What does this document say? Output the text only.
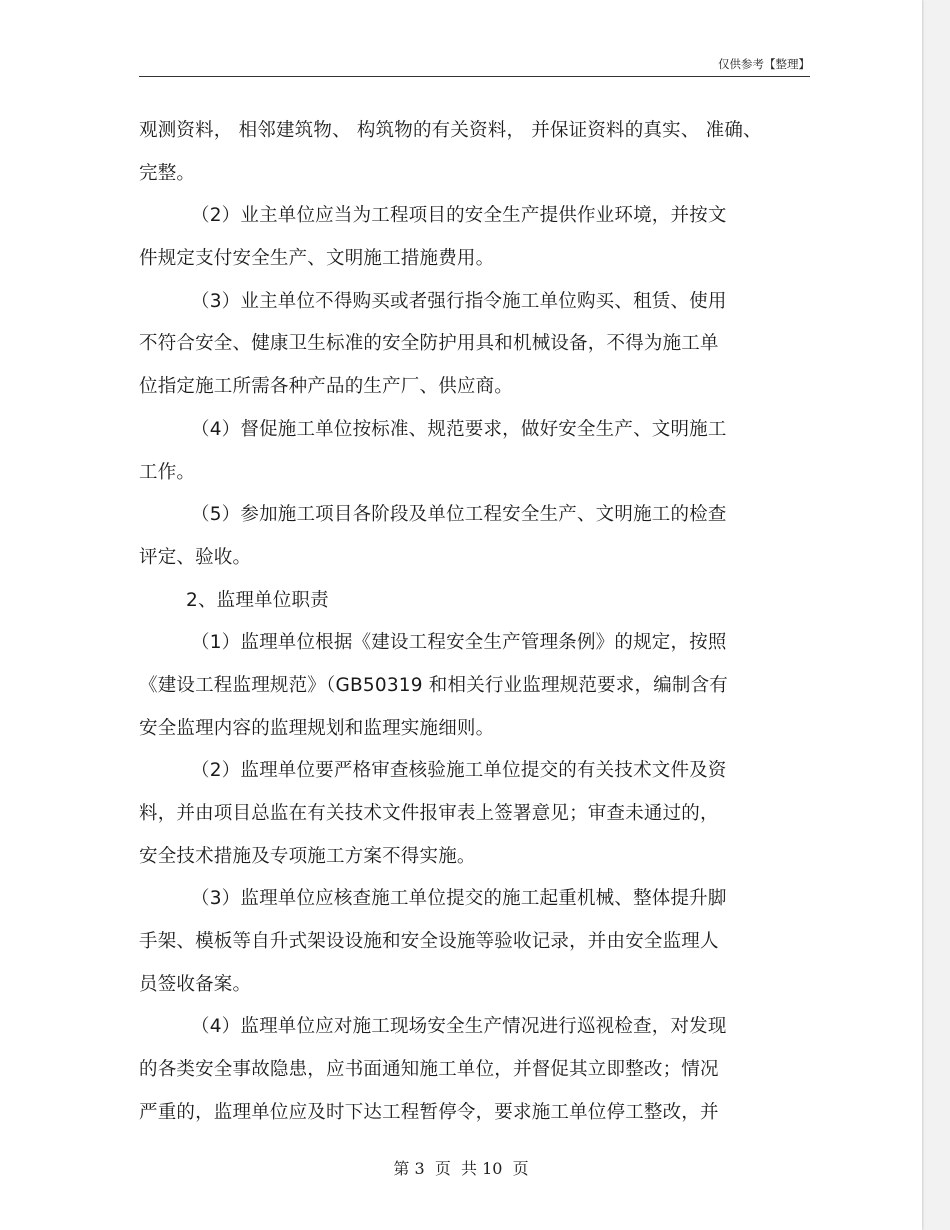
仅供参考【整理】
观测资料， 相邻建筑物、 构筑物的有关资料， 并保证资料的真实、 准确、
完整。
（2）业主单位应当为工程项目的安全生产提供作业环境，并按文
件规定支付安全生产、文明施工措施费用。
（3）业主单位不得购买或者强行指令施工单位购买、租赁、使用
不符合安全、健康卫生标准的安全防护用具和机械设备，不得为施工单
位指定施工所需各种产品的生产厂、供应商。
（4）督促施工单位按标准、规范要求，做好安全生产、文明施工
工作。
（5）参加施工项目各阶段及单位工程安全生产、文明施工的检查
评定、验收。
2、监理单位职责
（1）监理单位根据《建设工程安全生产管理条例》的规定，按照
《建设工程监理规范》（GB50319 和相关行业监理规范要求，编制含有
安全监理内容的监理规划和监理实施细则。
（2）监理单位要严格审查核验施工单位提交的有关技术文件及资
料，并由项目总监在有关技术文件报审表上签署意见；审查未通过的，
安全技术措施及专项施工方案不得实施。
（3）监理单位应核查施工单位提交的施工起重机械、整体提升脚
手架、模板等自升式架设设施和安全设施等验收记录，并由安全监理人
员签收备案。
（4）监理单位应对施工现场安全生产情况进行巡视检查，对发现
的各类安全事故隐患，应书面通知施工单位，并督促其立即整改；情况
严重的，监理单位应及时下达工程暂停令，要求施工单位停工整改，并
第 3  页  共 10  页
